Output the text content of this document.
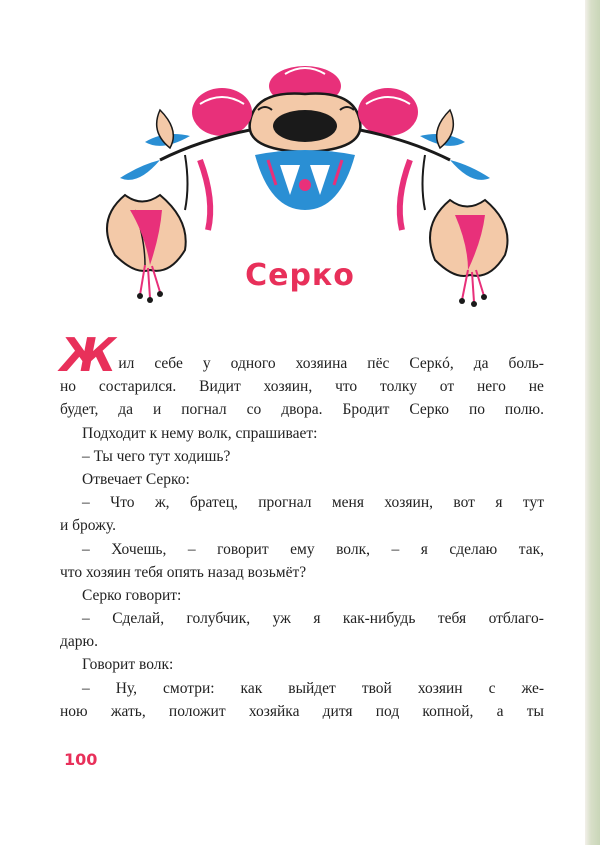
Серко
Ж ил себе у одного хозяина пёс Серкó, да боль-
но состарился. Видит хозяин, что толку от него не
будет, да и погнал со двора. Бродит Серко по полю.
Подходит к нему волк, спрашивает:
– Ты чего тут ходишь?
Отвечает Серко:
– Что ж, братец, прогнал меня хозяин, вот я тут
и брожу.
– Хочешь, – говорит ему волк, – я сделаю так,
что хозяин тебя опять назад возьмёт?
Серко говорит:
– Сделай, голубчик, уж я как-нибудь тебя отблаго-
дарю.
Говорит волк:
– Ну, смотри: как выйдет твой хозяин с же-
ною жать, положит хозяйка дитя под копной, а ты
100
